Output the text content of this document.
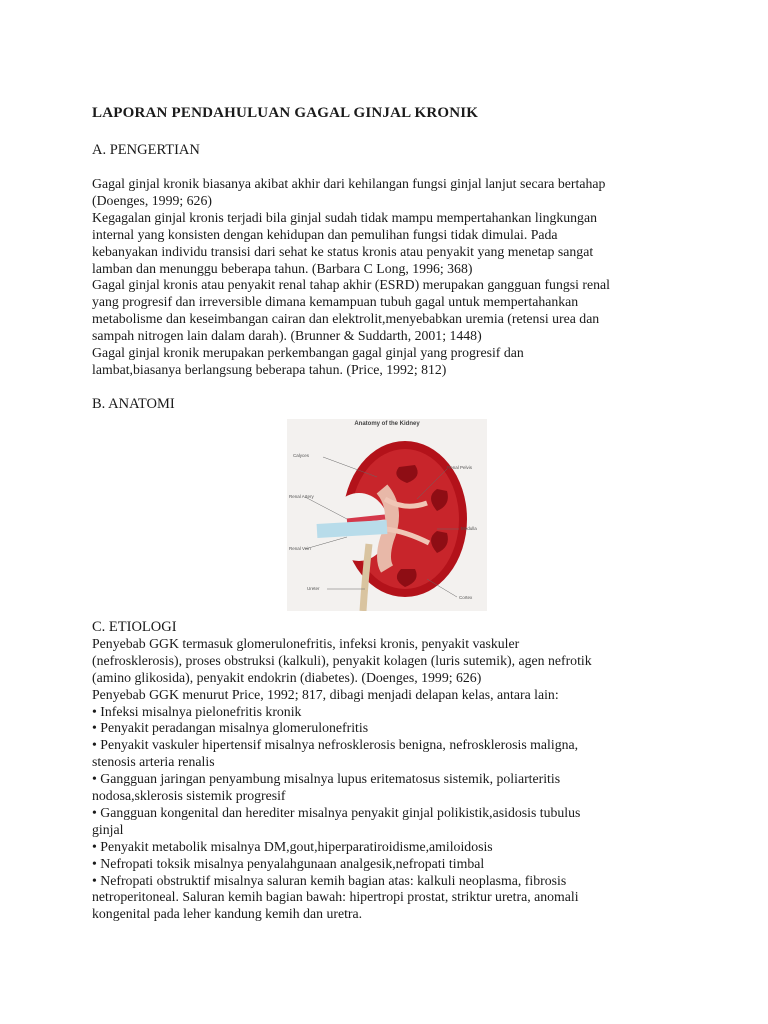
LAPORAN PENDAHULUAN GAGAL GINJAL KRONIK
A. PENGERTIAN
Gagal ginjal kronik biasanya akibat akhir dari kehilangan fungsi ginjal lanjut secara bertahap
(Doenges, 1999; 626)
Kegagalan ginjal kronis terjadi bila ginjal sudah tidak mampu mempertahankan lingkungan
internal yang konsisten dengan kehidupan dan pemulihan fungsi tidak dimulai. Pada
kebanyakan individu transisi dari sehat ke status kronis atau penyakit yang menetap sangat
lamban dan menunggu beberapa tahun. (Barbara C Long, 1996; 368)
Gagal ginjal kronis atau penyakit renal tahap akhir (ESRD) merupakan gangguan fungsi renal
yang progresif dan irreversible dimana kemampuan tubuh gagal untuk mempertahankan
metabolisme dan keseimbangan cairan dan elektrolit,menyebabkan uremia (retensi urea dan
sampah nitrogen lain dalam darah). (Brunner & Suddarth, 2001; 1448)
Gagal ginjal kronik merupakan perkembangan gagal ginjal yang progresif dan
lambat,biasanya berlangsung beberapa tahun. (Price, 1992; 812)
B. ANATOMI
Anatomy of the Kidney
Calyces
Renal Artery
Renal Vein
Ureter
Renal Pelvis
Medulla
Cortex
C. ETIOLOGI
Penyebab GGK termasuk glomerulonefritis, infeksi kronis, penyakit vaskuler
(nefrosklerosis), proses obstruksi (kalkuli), penyakit kolagen (luris sutemik), agen nefrotik
(amino glikosida), penyakit endokrin (diabetes). (Doenges, 1999; 626)
Penyebab GGK menurut Price, 1992; 817, dibagi menjadi delapan kelas, antara lain:
• Infeksi misalnya pielonefritis kronik
• Penyakit peradangan misalnya glomerulonefritis
• Penyakit vaskuler hipertensif misalnya nefrosklerosis benigna, nefrosklerosis maligna,
stenosis arteria renalis
• Gangguan jaringan penyambung misalnya lupus eritematosus sistemik, poliarteritis
nodosa,sklerosis sistemik progresif
• Gangguan kongenital dan herediter misalnya penyakit ginjal polikistik,asidosis tubulus
ginjal
• Penyakit metabolik misalnya DM,gout,hiperparatiroidisme,amiloidosis
• Nefropati toksik misalnya penyalahgunaan analgesik,nefropati timbal
• Nefropati obstruktif misalnya saluran kemih bagian atas: kalkuli neoplasma, fibrosis
netroperitoneal. Saluran kemih bagian bawah: hipertropi prostat, striktur uretra, anomali
kongenital pada leher kandung kemih dan uretra.
